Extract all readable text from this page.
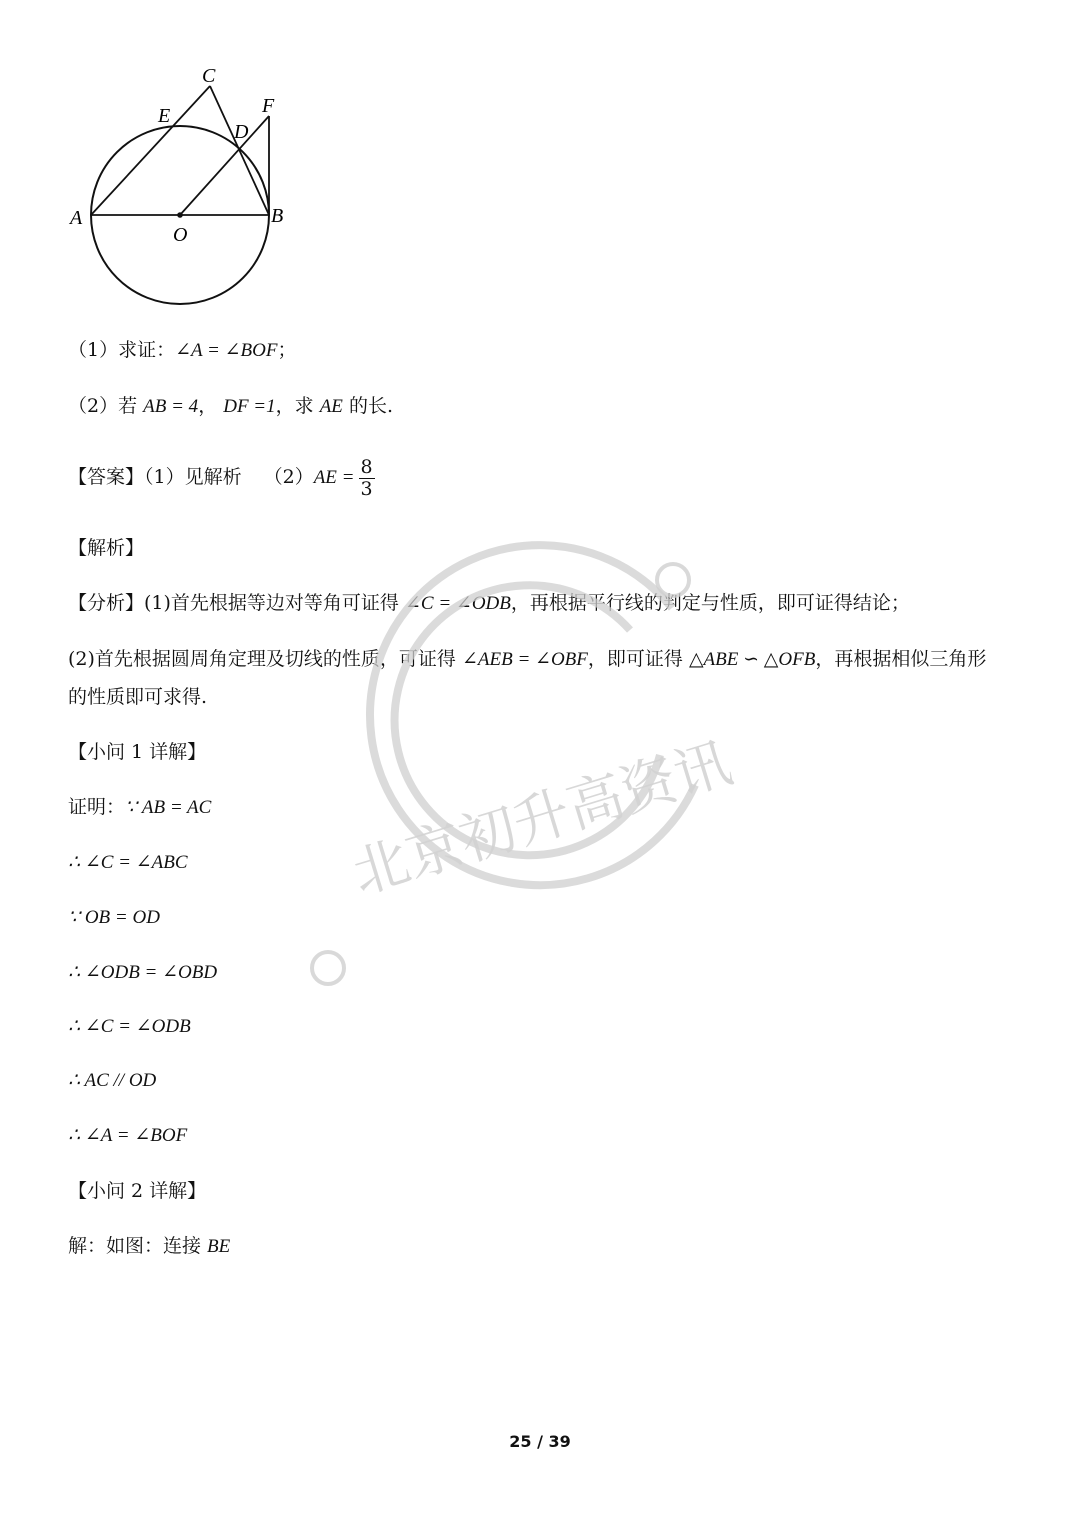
C
E	F
D
A	B
O
（1）求证：∠A = ∠BOF；
（2）若 AB = 4， DF =1，求 AE 的长.
【答案】（1）见解析 $(2)AE = \frac{8}{3}$
【解析】
【分析】(1)首先根据等边对等角可证得 ∠C = ∠ODB，再根据平行线的判定与性质，即可证得结论；
(2)首先根据圆周角定理及切线的性质，可证得 ∠AEB = ∠OBF，即可证得 △ABE ∽ △OFB，再根据相似三角形
的性质即可求得.
【小问 1 详解】
证明：∵ AB = AC
∴ ∠C = ∠ABC
∵ OB = OD
∴ ∠ODB = ∠OBD
∴ ∠C = ∠ODB
∴ AC // OD
∴ ∠A = ∠BOF
【小问 2 详解】
解：如图：连接 BE
北京初升高资讯
25 / 39
